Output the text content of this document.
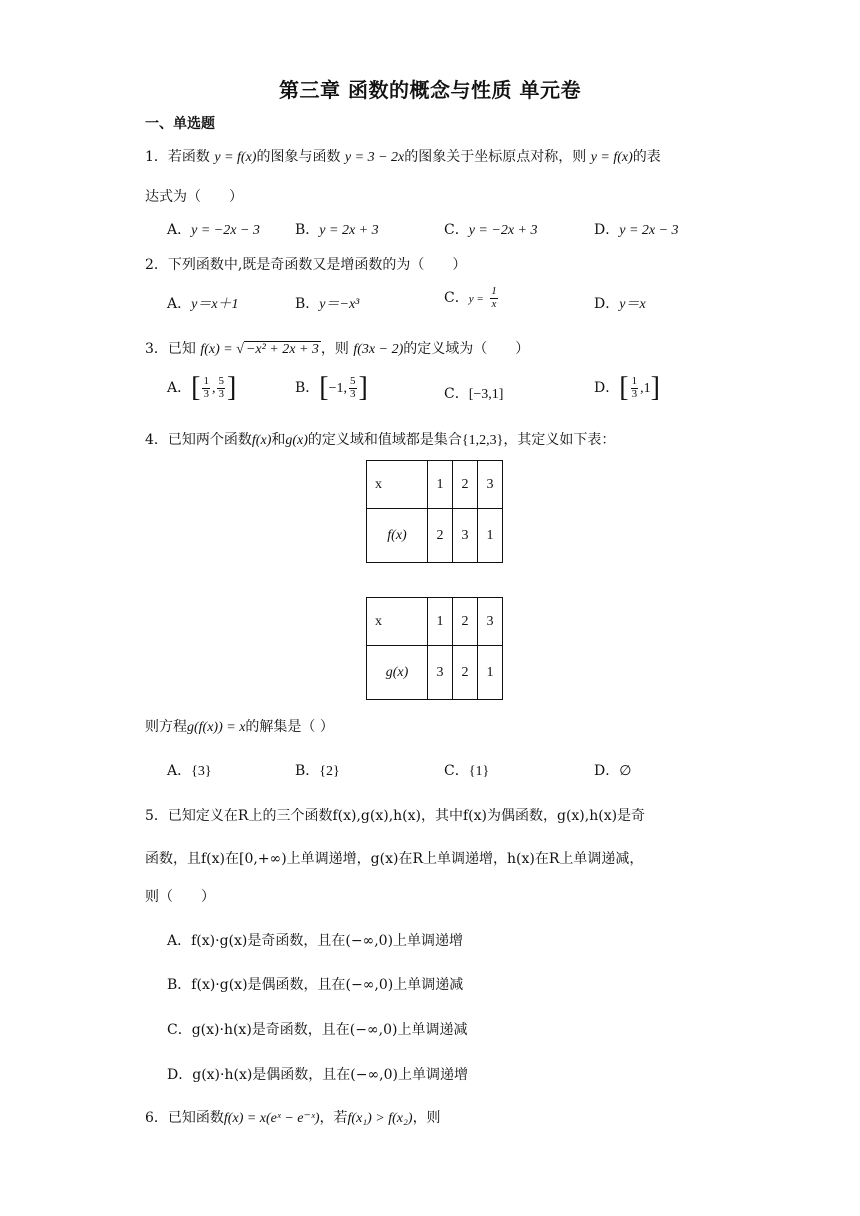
第三章 函数的概念与性质 单元卷
一、单选题
1．若函数 y = f(x)的图象与函数 y = 3 − 2x的图象关于坐标原点对称，则 y = f(x)的表
达式为（　　）
A．y = −2x − 3	B．y = 2x + 3	C．y = −2x + 3	D．y = 2x − 3
2．下列函数中,既是奇函数又是增函数的为（　　）
A．y＝x＋1	B．y＝−x³	C．$y = \frac{1}{x}$	D．y＝x
3．已知 f(x) = √ −x² + 2x + 3 ，则 f(3x − 2)的定义域为（　　）
A．[ $\frac{1}{3}$ , $\frac{5}{3}$ ]	B．[−1, $\frac{5}{3}$ ]	C．[−3,1]	D．[ $\frac{1}{3} ,1$]
4．已知两个函数f(x)和g(x)的定义域和值域都是集合{1,2,3}，其定义如下表：
x	1	2	3
f(x)	2	3	1
x	1	2	3
g(x)	3	2	1
则方程g(f(x)) = x的解集是（ ）
A．{3}	B．{2}	C．{1}	D．∅
5．已知定义在R上的三个函数f(x),g(x),h(x)，其中f(x)为偶函数，g(x),h(x)是奇
函数，且f(x)在[0,+∞)上单调递增，g(x)在R上单调递增，h(x)在R上单调递减，
则（　　）
A．f(x)·g(x)是奇函数，且在(−∞,0)上单调递增
B．f(x)·g(x)是偶函数，且在(−∞,0)上单调递减
C．g(x)·h(x)是奇函数，且在(−∞,0)上单调递减
D．g(x)·h(x)是偶函数，且在(−∞,0)上单调递增
6．已知函数f(x) = x(eˣ − e⁻ˣ)，若f(x₁) > f(x₂)，则
